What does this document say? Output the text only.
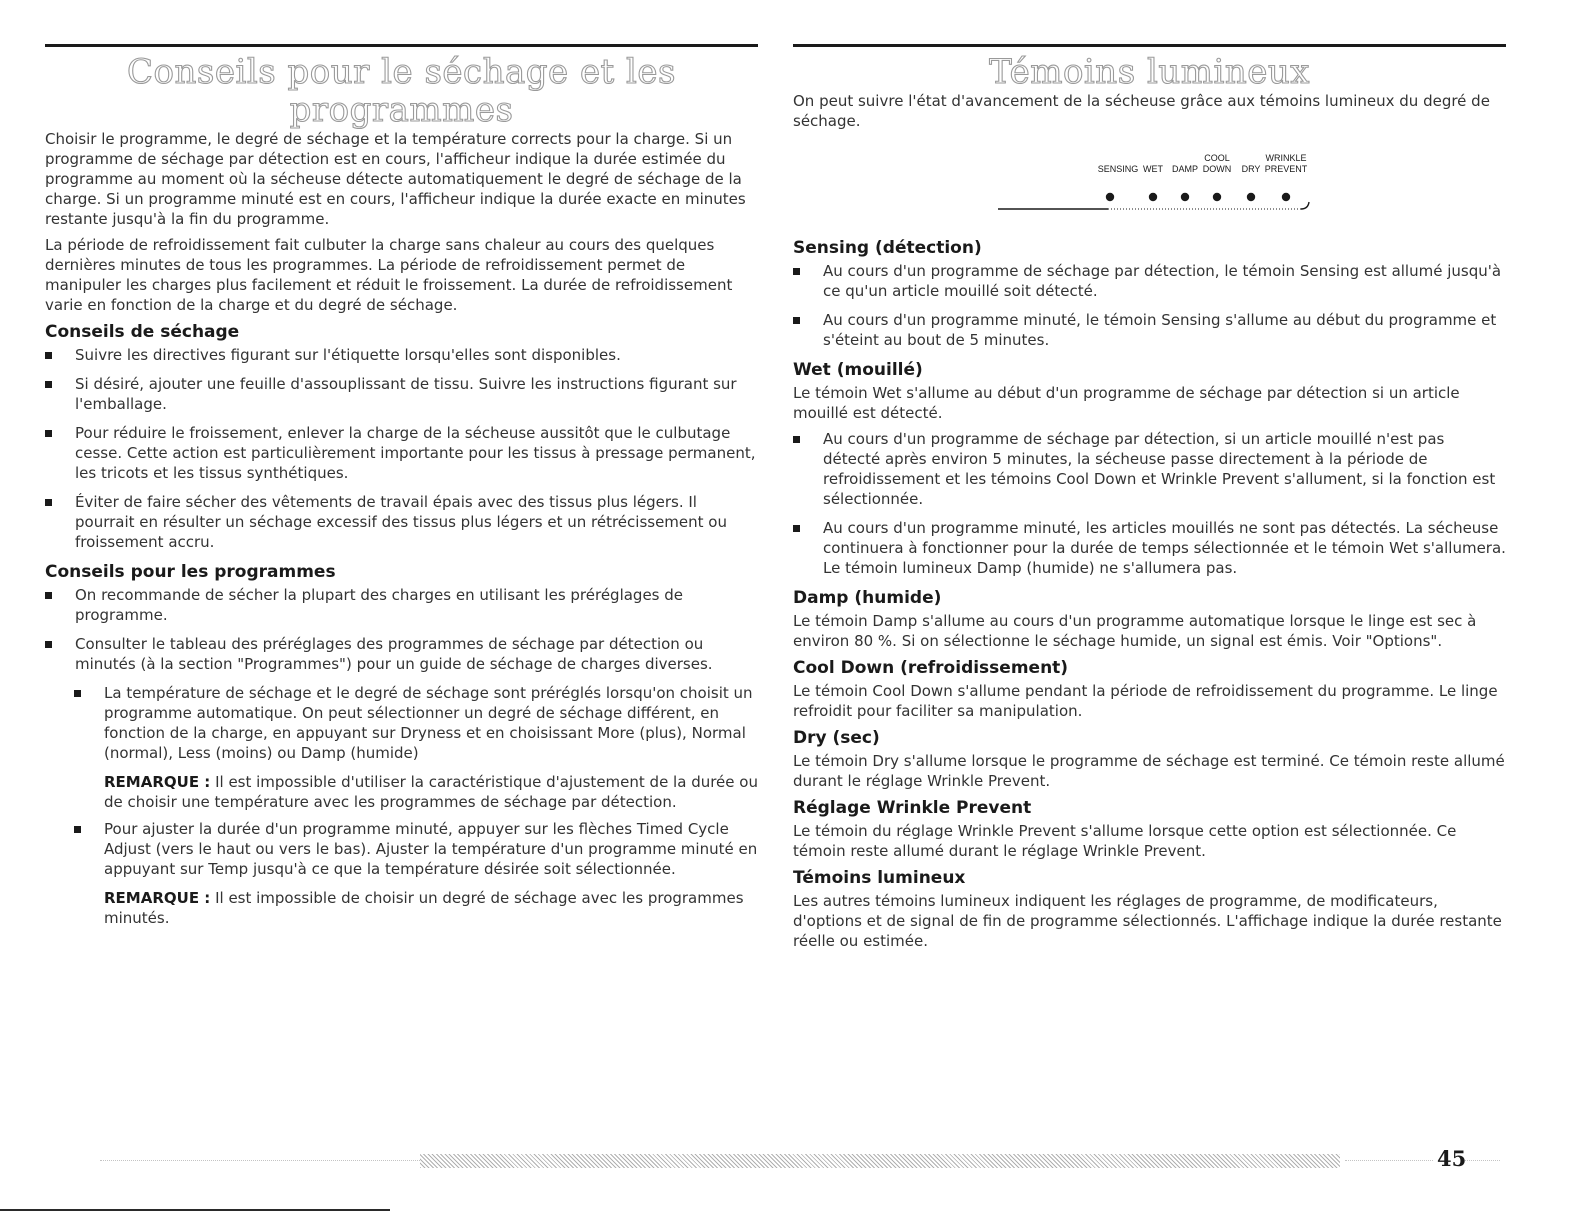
Conseils pour le séchage et les programmes

Choisir le programme, le degré de séchage et la température corrects pour la charge. Si un programme de séchage par détection est en cours, l'afficheur indique la durée estimée du programme au moment où la sécheuse détecte automatiquement le degré de séchage de la charge. Si un programme minuté est en cours, l'afficheur indique la durée exacte en minutes restante jusqu'à la fin du programme.

La période de refroidissement fait culbuter la charge sans chaleur au cours des quelques dernières minutes de tous les programmes. La période de refroidissement permet de manipuler les charges plus facilement et réduit le froissement. La durée de refroidissement varie en fonction de la charge et du degré de séchage.

Conseils de séchage
Suivre les directives figurant sur l'étiquette lorsqu'elles sont disponibles.
Si désiré, ajouter une feuille d'assouplissant de tissu. Suivre les instructions figurant sur l'emballage.
Pour réduire le froissement, enlever la charge de la sécheuse aussitôt que le culbutage cesse. Cette action est particulièrement importante pour les tissus à pressage permanent, les tricots et les tissus synthétiques.
Éviter de faire sécher des vêtements de travail épais avec des tissus plus légers. Il pourrait en résulter un séchage excessif des tissus plus légers et un rétrécissement ou froissement accru.
Conseils pour les programmes
On recommande de sécher la plupart des charges en utilisant les préréglages de programme.
Consulter le tableau des préréglages des programmes de séchage par détection ou minutés (à la section "Programmes") pour un guide de séchage de charges diverses.
La température de séchage et le degré de séchage sont préréglés lorsqu'on choisit un programme automatique. On peut sélectionner un degré de séchage différent, en fonction de la charge, en appuyant sur Dryness et en choisissant More (plus), Normal (normal), Less (moins) ou Damp (humide)
REMARQUE : Il est impossible d'utiliser la caractéristique d'ajustement de la durée ou de choisir une température avec les programmes de séchage par détection.
Pour ajuster la durée d'un programme minuté, appuyer sur les flèches Timed Cycle Adjust (vers le haut ou vers le bas). Ajuster la température d'un programme minuté en appuyant sur Temp jusqu'à ce que la température désirée soit sélectionnée.
REMARQUE : Il est impossible de choisir un degré de séchage avec les programmes minutés.
Témoins lumineux

On peut suivre l'état d'avancement de la sécheuse grâce aux témoins lumineux du degré de séchage.

SENSING WET DAMP
COOL
DOWN DRY
WRINKLE
PREVENT
Sensing (détection)
Au cours d'un programme de séchage par détection, le témoin Sensing est allumé jusqu'à ce qu'un article mouillé soit détecté.
Au cours d'un programme minuté, le témoin Sensing s'allume au début du programme et s'éteint au bout de 5 minutes.
Wet (mouillé)

Le témoin Wet s'allume au début d'un programme de séchage par détection si un article mouillé est détecté.

Au cours d'un programme de séchage par détection, si un article mouillé n'est pas détecté après environ 5 minutes, la sécheuse passe directement à la période de refroidissement et les témoins Cool Down et Wrinkle Prevent s'allument, si la fonction est sélectionnée.
Au cours d'un programme minuté, les articles mouillés ne sont pas détectés. La sécheuse continuera à fonctionner pour la durée de temps sélectionnée et le témoin Wet s'allumera. Le témoin lumineux Damp (humide) ne s'allumera pas.
Damp (humide)

Le témoin Damp s'allume au cours d'un programme automatique lorsque le linge est sec à environ 80 %. Si on sélectionne le séchage humide, un signal est émis. Voir "Options".

Cool Down (refroidissement)

Le témoin Cool Down s'allume pendant la période de refroidissement du programme. Le linge refroidit pour faciliter sa manipulation.

Dry (sec)

Le témoin Dry s'allume lorsque le programme de séchage est terminé. Ce témoin reste allumé durant le réglage Wrinkle Prevent.

Réglage Wrinkle Prevent

Le témoin du réglage Wrinkle Prevent s'allume lorsque cette option est sélectionnée. Ce témoin reste allumé durant le réglage Wrinkle Prevent.

Témoins lumineux

Les autres témoins lumineux indiquent les réglages de programme, de modificateurs, d'options et de signal de fin de programme sélectionnés. L'affichage indique la durée restante réelle ou estimée.

45
